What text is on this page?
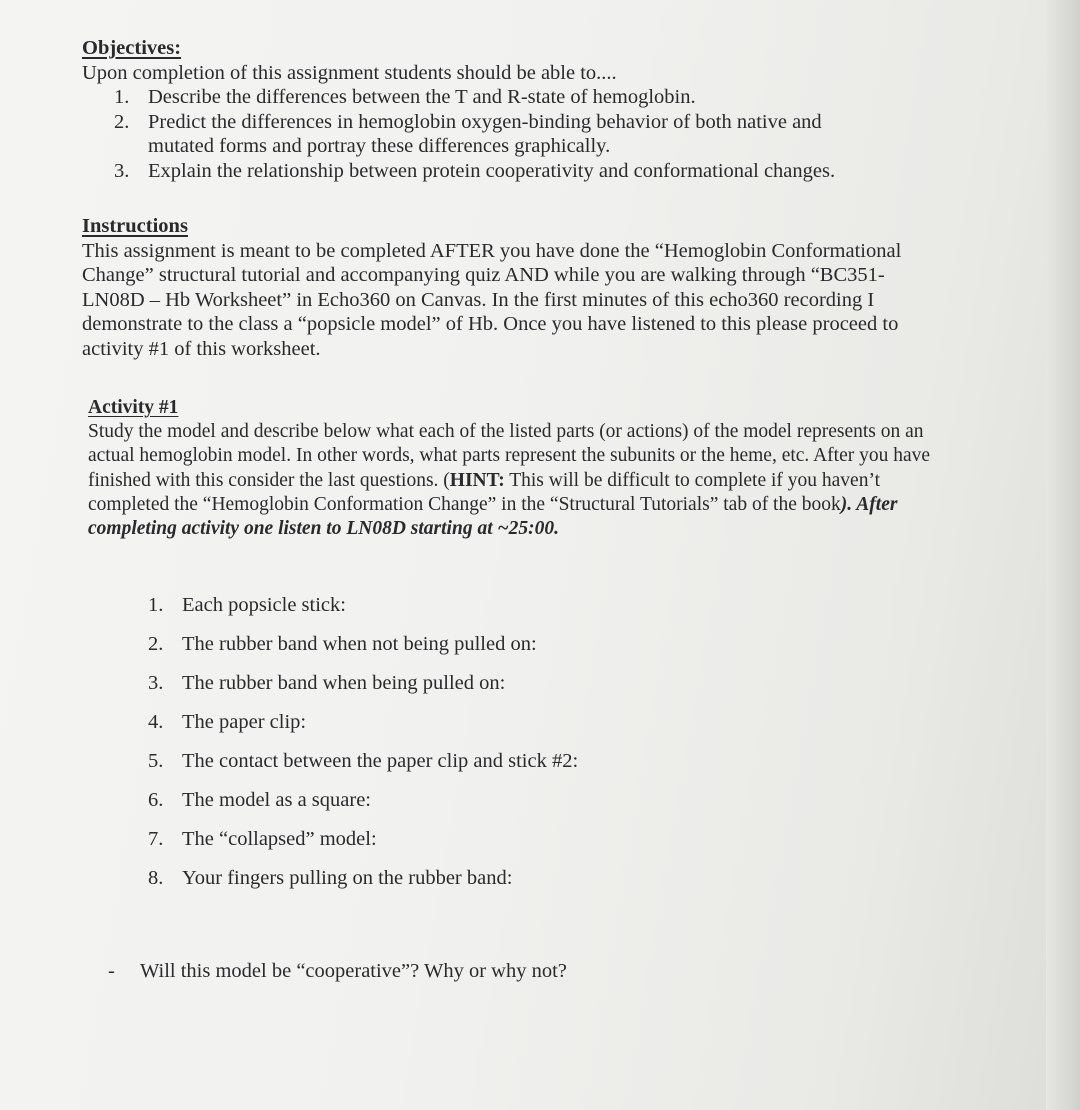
Objectives:
Upon completion of this assignment students should be able to....
1. Describe the differences between the T and R-state of hemoglobin.
2. Predict the differences in hemoglobin oxygen-binding behavior of both native and mutated forms and portray these differences graphically.
3. Explain the relationship between protein cooperativity and conformational changes.
Instructions
This assignment is meant to be completed AFTER you have done the “Hemoglobin Conformational Change” structural tutorial and accompanying quiz AND while you are walking through “BC351- LN08D – Hb Worksheet” in Echo360 on Canvas. In the first minutes of this echo360 recording I demonstrate to the class a “popsicle model” of Hb. Once you have listened to this please proceed to activity #1 of this worksheet.
Activity #1
Study the model and describe below what each of the listed parts (or actions) of the model represents on an actual hemoglobin model. In other words, what parts represent the subunits or the heme, etc. After you have finished with this consider the last questions. (HINT: This will be difficult to complete if you haven’t completed the “Hemoglobin Conformation Change” in the “Structural Tutorials” tab of the book). After completing activity one listen to LN08D starting at ~25:00.
1. Each popsicle stick:
2. The rubber band when not being pulled on:
3. The rubber band when being pulled on:
4. The paper clip:
5. The contact between the paper clip and stick #2:
6. The model as a square:
7. The “collapsed” model:
8. Your fingers pulling on the rubber band:
- Will this model be “cooperative”? Why or why not?
